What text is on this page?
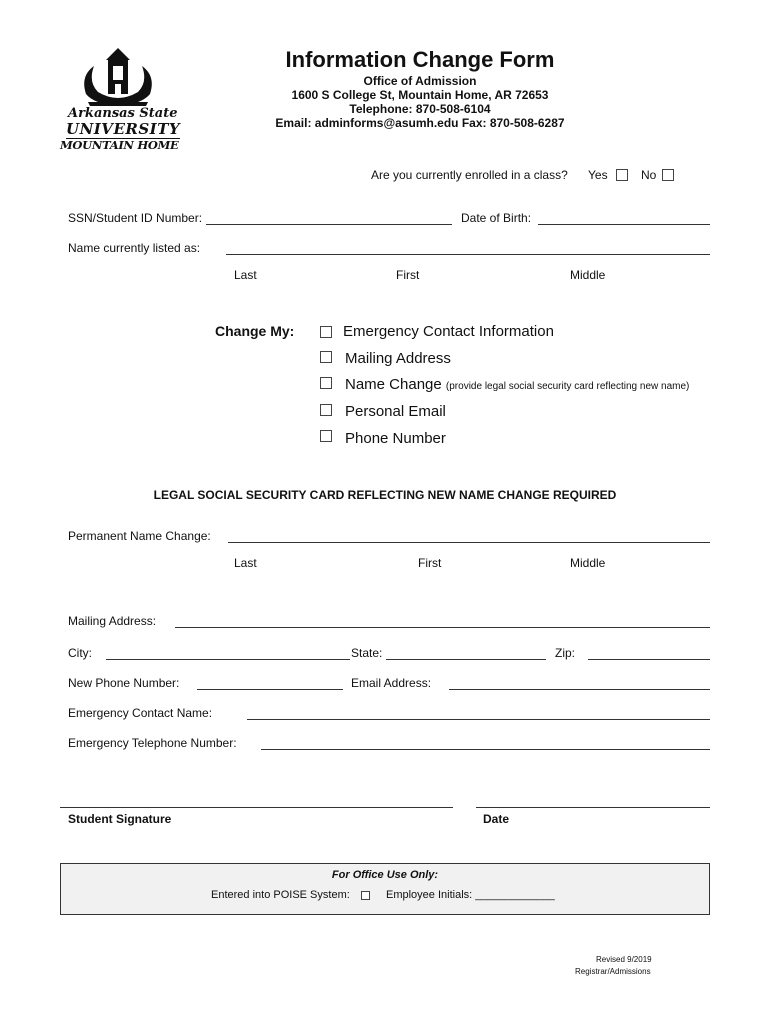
Arkansas State
UNIVERSITY
MOUNTAIN HOME
Information Change Form
Office of Admission
1600 S College St, Mountain Home, AR 72653
Telephone: 870-508-6104
Email: adminforms@asumh.edu Fax: 870-508-6287
Are you currently enrolled in a class? Yes	No
SSN/Student ID Number:	Date of Birth:
Name currently listed as:
Last	First	Middle
Change My:	Emergency Contact Information
Mailing Address
Name Change (provide legal social security card reflecting new name)
Personal Email
Phone Number
LEGAL SOCIAL SECURITY CARD REFLECTING NEW NAME CHANGE REQUIRED
Permanent Name Change:
Last	First	Middle
Mailing Address:
City:	State:	Zip:
New Phone Number:	Email Address:
Emergency Contact Name:
Emergency Telephone Number:
Student Signature	Date
For Office Use Only:
Entered into POISE System:	Employee Initials: _____________
Revised 9/2019
Registrar/Admissions
